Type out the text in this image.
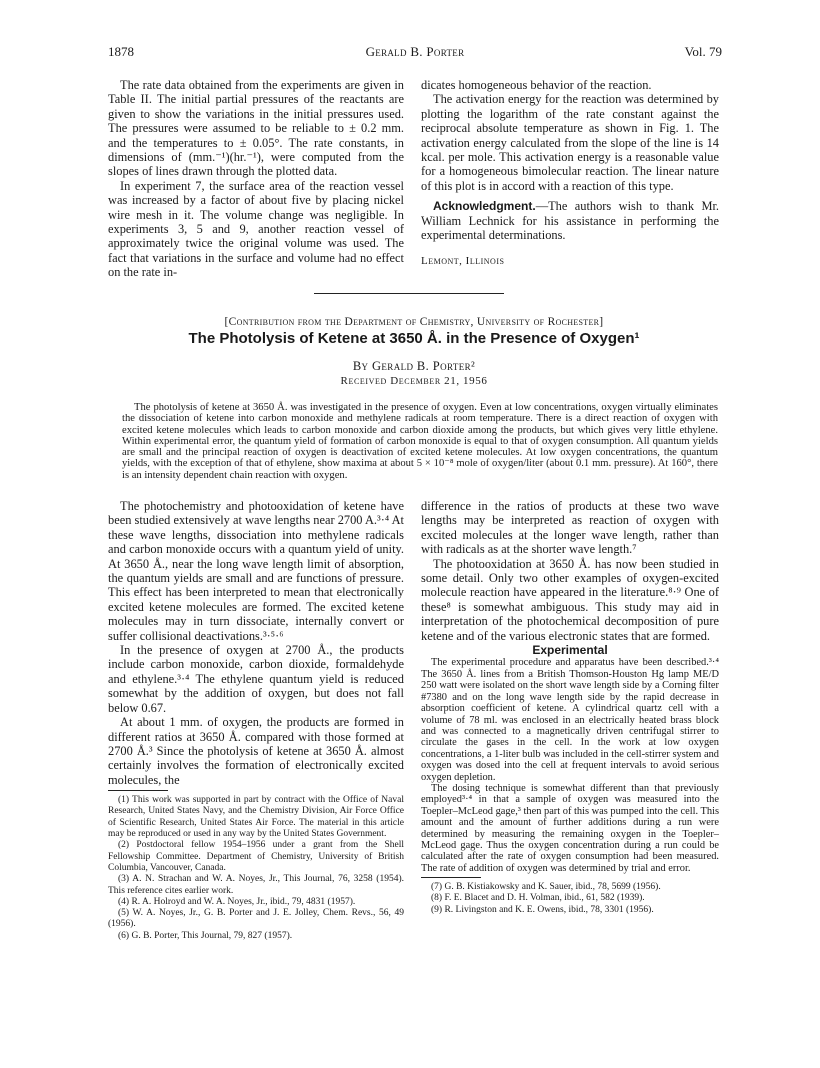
1878	Gerald B. Porter	Vol. 79

The rate data obtained from the experiments are given in Table II. The initial partial pressures of the reactants are given to show the variations in the initial pressures used. The pressures were assumed to be reliable to ± 0.2 mm. and the temperatures to ± 0.05°. The rate constants, in dimensions of (mm.⁻¹)(hr.⁻¹), were computed from the slopes of lines drawn through the plotted data.

In experiment 7, the surface area of the reaction vessel was increased by a factor of about five by placing nickel wire mesh in it. The volume change was negligible. In experiments 3, 5 and 9, another reaction vessel of approximately twice the original volume was used. The fact that variations in the surface and volume had no effect on the rate in-

dicates homogeneous behavior of the reaction.

The activation energy for the reaction was determined by plotting the logarithm of the rate constant against the reciprocal absolute temperature as shown in Fig. 1. The activation energy calculated from the slope of the line is 14 kcal. per mole. This activation energy is a reasonable value for a homogeneous bimolecular reaction. The linear nature of this plot is in accord with a reaction of this type.

Acknowledgment.—The authors wish to thank Mr. William Lechnick for his assistance in performing the experimental determinations.

Lemont, Illinois

[Contribution from the Department of Chemistry, University of Rochester]
The Photolysis of Ketene at 3650 Å. in the Presence of Oxygen¹
By Gerald B. Porter²
Received December 21, 1956
The photolysis of ketene at 3650 Å. was investigated in the presence of oxygen. Even at low concentrations, oxygen virtually eliminates the dissociation of ketene into carbon monoxide and methylene radicals at room temperature. There is a direct reaction of oxygen with excited ketene molecules which leads to carbon monoxide and carbon dioxide among the products, but which gives very little ethylene. Within experimental error, the quantum yield of formation of carbon monoxide is equal to that of oxygen consumption. All quantum yields are small and the principal reaction of oxygen is deactivation of excited ketene molecules. At low oxygen concentrations, the quantum yields, with the exception of that of ethylene, show maxima at about 5 × 10⁻⁸ mole of oxygen/liter (about 0.1 mm. pressure). At 160°, there is an intensity dependent chain reaction with oxygen.

The photochemistry and photooxidation of ketene have been studied extensively at wave lengths near 2700 A.³·⁴ At these wave lengths, dissociation into methylene radicals and carbon monoxide occurs with a quantum yield of unity. At 3650 Å., near the long wave length limit of absorption, the quantum yields are small and are functions of pressure. This effect has been interpreted to mean that electronically excited ketene molecules are formed. The excited ketene molecules may in turn dissociate, internally convert or suffer collisional deactivations.³·⁵·⁶

In the presence of oxygen at 2700 Å., the products include carbon monoxide, carbon dioxide, formaldehyde and ethylene.³·⁴ The ethylene quantum yield is reduced somewhat by the addition of oxygen, but does not fall below 0.67.

At about 1 mm. of oxygen, the products are formed in different ratios at 3650 Å. compared with those formed at 2700 Å.³ Since the photolysis of ketene at 3650 Å. almost certainly involves the formation of electronically excited molecules, the

(1) This work was supported in part by contract with the Office of Naval Research, United States Navy, and the Chemistry Division, Air Force Office of Scientific Research, United States Air Force. The material in this article may be reproduced or used in any way by the United States Government.

(2) Postdoctoral fellow 1954–1956 under a grant from the Shell Fellowship Committee. Department of Chemistry, University of British Columbia, Vancouver, Canada.

(3) A. N. Strachan and W. A. Noyes, Jr., This Journal, 76, 3258 (1954). This reference cites earlier work.

(4) R. A. Holroyd and W. A. Noyes, Jr., ibid., 79, 4831 (1957).

(5) W. A. Noyes, Jr., G. B. Porter and J. E. Jolley, Chem. Revs., 56, 49 (1956).

(6) G. B. Porter, This Journal, 79, 827 (1957).

difference in the ratios of products at these two wave lengths may be interpreted as reaction of oxygen with excited molecules at the longer wave length, rather than with radicals as at the shorter wave length.⁷

The photooxidation at 3650 Å. has now been studied in some detail. Only two other examples of oxygen-excited molecule reaction have appeared in the literature.⁸·⁹ One of these⁸ is somewhat ambiguous. This study may aid in interpretation of the photochemical decomposition of pure ketene and of the various electronic states that are formed.

Experimental

The experimental procedure and apparatus have been described.³·⁴ The 3650 Å. lines from a British Thomson-Houston Hg lamp ME/D 250 watt were isolated on the short wave length side by a Corning filter #7380 and on the long wave length side by the rapid decrease in absorption coefficient of ketene. A cylindrical quartz cell with a volume of 78 ml. was enclosed in an electrically heated brass block and was connected to a magnetically driven centrifugal stirrer to circulate the gases in the cell. In the work at low oxygen concentrations, a 1-liter bulb was included in the cell-stirrer system and oxygen was dosed into the cell at frequent intervals to avoid serious oxygen depletion.

The dosing technique is somewhat different than that previously employed³·⁴ in that a sample of oxygen was measured into the Toepler–McLeod gage,³ then part of this was pumped into the cell. This amount and the amount of further additions during a run were determined by measuring the remaining oxygen in the Toepler–McLeod gage. Thus the oxygen concentration during a run could be calculated after the rate of oxygen consumption had been measured. The rate of addition of oxygen was determined by trial and error.

(7) G. B. Kistiakowsky and K. Sauer, ibid., 78, 5699 (1956).

(8) F. E. Blacet and D. H. Volman, ibid., 61, 582 (1939).

(9) R. Livingston and K. E. Owens, ibid., 78, 3301 (1956).
